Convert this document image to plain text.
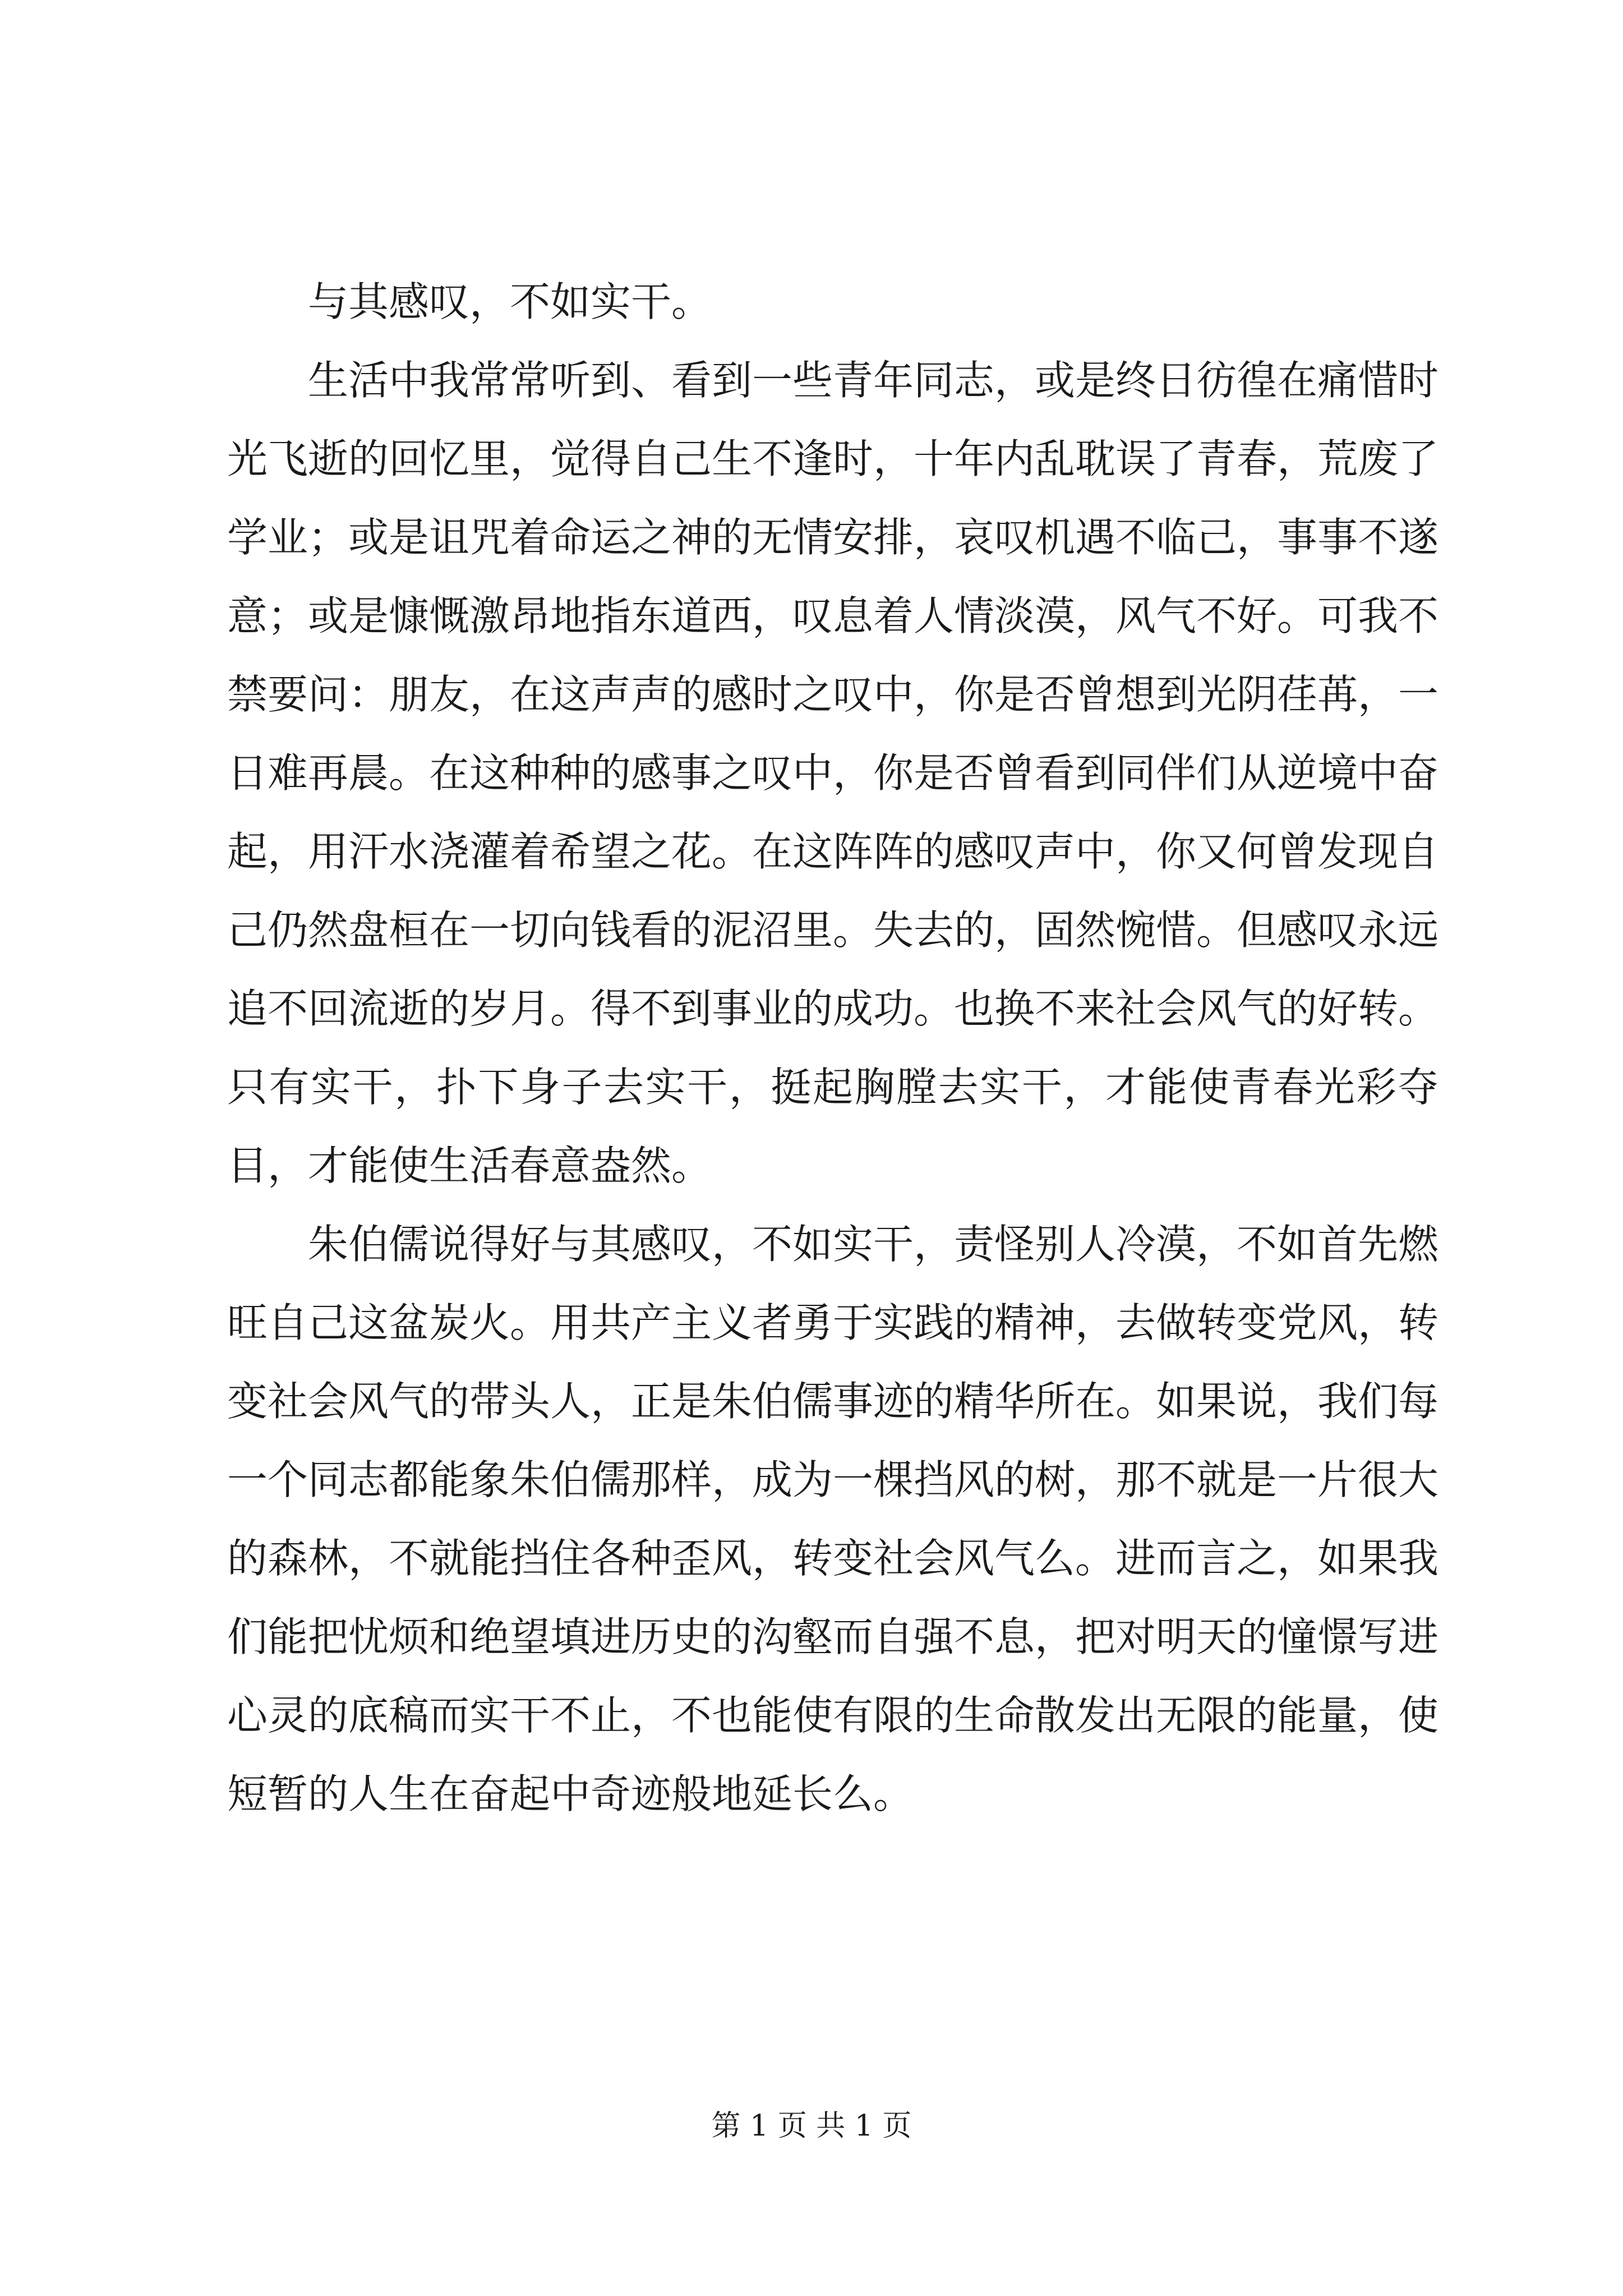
与其感叹，不如实干。

生活中我常常听到、看到一些青年同志，或是终日彷徨在痛惜时光飞逝的回忆里，觉得自己生不逢时，十年内乱耽误了青春，荒废了学业；或是诅咒着命运之神的无情安排，哀叹机遇不临己，事事不遂意；或是慷慨激昂地指东道西，叹息着人情淡漠，风气不好。可我不禁要问：朋友，在这声声的感时之叹中，你是否曾想到光阴荏苒，一日难再晨。在这种种的感事之叹中，你是否曾看到同伴们从逆境中奋起，用汗水浇灌着希望之花。在这阵阵的感叹声中，你又何曾发现自己仍然盘桓在一切向钱看的泥沼里。失去的，固然惋惜。但感叹永远追不回流逝的岁月。得不到事业的成功。也换不来社会风气的好转。只有实干，扑下身子去实干，挺起胸膛去实干，才能使青春光彩夺目，才能使生活春意盎然。

朱伯儒说得好与其感叹，不如实干，责怪别人冷漠，不如首先燃旺自己这盆炭火。用共产主义者勇于实践的精神，去做转变党风，转变社会风气的带头人，正是朱伯儒事迹的精华所在。如果说，我们每一个同志都能象朱伯儒那样，成为一棵挡风的树，那不就是一片很大的森林，不就能挡住各种歪风，转变社会风气么。进而言之，如果我们能把忧烦和绝望填进历史的沟壑而自强不息，把对明天的憧憬写进心灵的底稿而实干不止，不也能使有限的生命散发出无限的能量，使短暂的人生在奋起中奇迹般地延长么。

第 1 页 共 1 页
